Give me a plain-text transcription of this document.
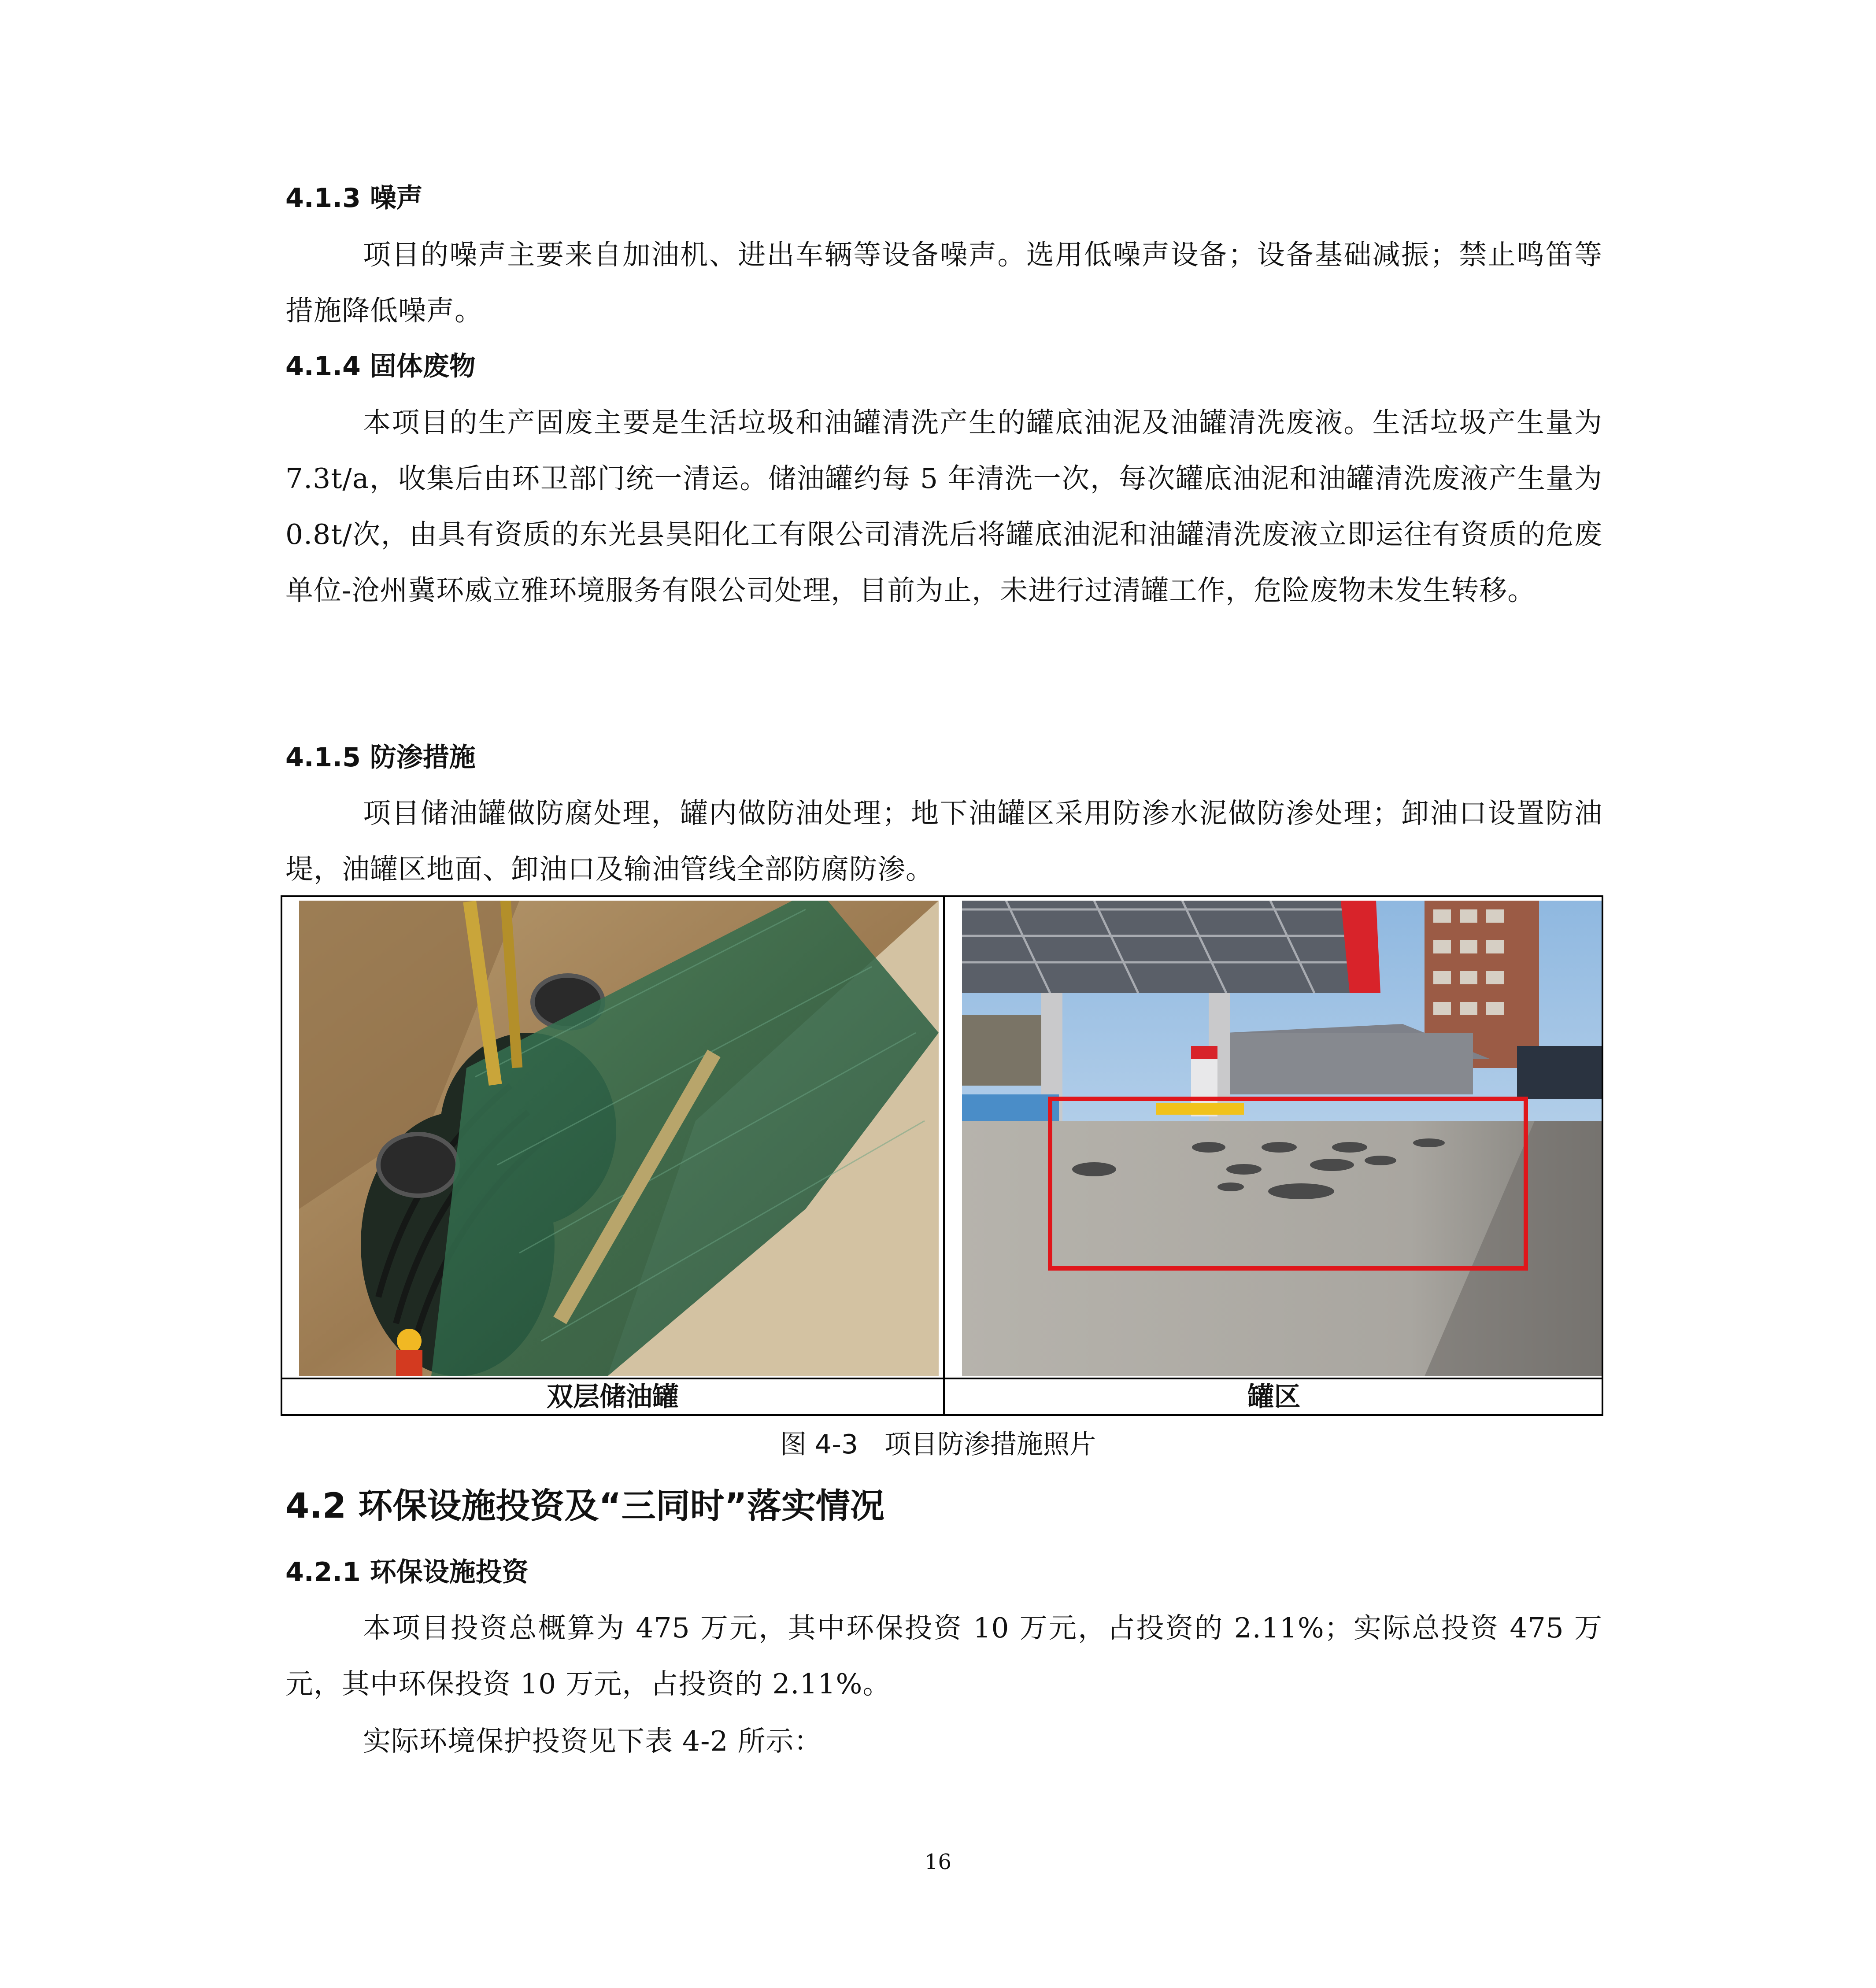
4.1.3 噪声

项目的噪声主要来自加油机、进出车辆等设备噪声。选用低噪声设备；设备基础减振；禁止鸣笛等措施降低噪声。

4.1.4 固体废物

本项目的生产固废主要是生活垃圾和油罐清洗产生的罐底油泥及油罐清洗废液。生活垃圾产生量为 7.3t/a，收集后由环卫部门统一清运。储油罐约每 5 年清洗一次，每次罐底油泥和油罐清洗废液产生量为 0.8t/次，由具有资质的东光县昊阳化工有限公司清洗后将罐底油泥和油罐清洗废液立即运往有资质的危废单位-沧州冀环威立雅环境服务有限公司处理，目前为止，未进行过清罐工作，危险废物未发生转移。

4.1.5 防渗措施

项目储油罐做防腐处理，罐内做防油处理；地下油罐区采用防渗水泥做防渗处理；卸油口设置防油堤，油罐区地面、卸油口及输油管线全部防腐防渗。

双层储油罐	罐区
图 4-3　项目防渗措施照片
4.2 环保设施投资及“三同时”落实情况
4.2.1 环保设施投资

本项目投资总概算为 475 万元，其中环保投资 10 万元，占投资的 2.11%；实际总投资 475 万元，其中环保投资 10 万元，占投资的 2.11%。

实际环境保护投资见下表 4-2 所示：

16
